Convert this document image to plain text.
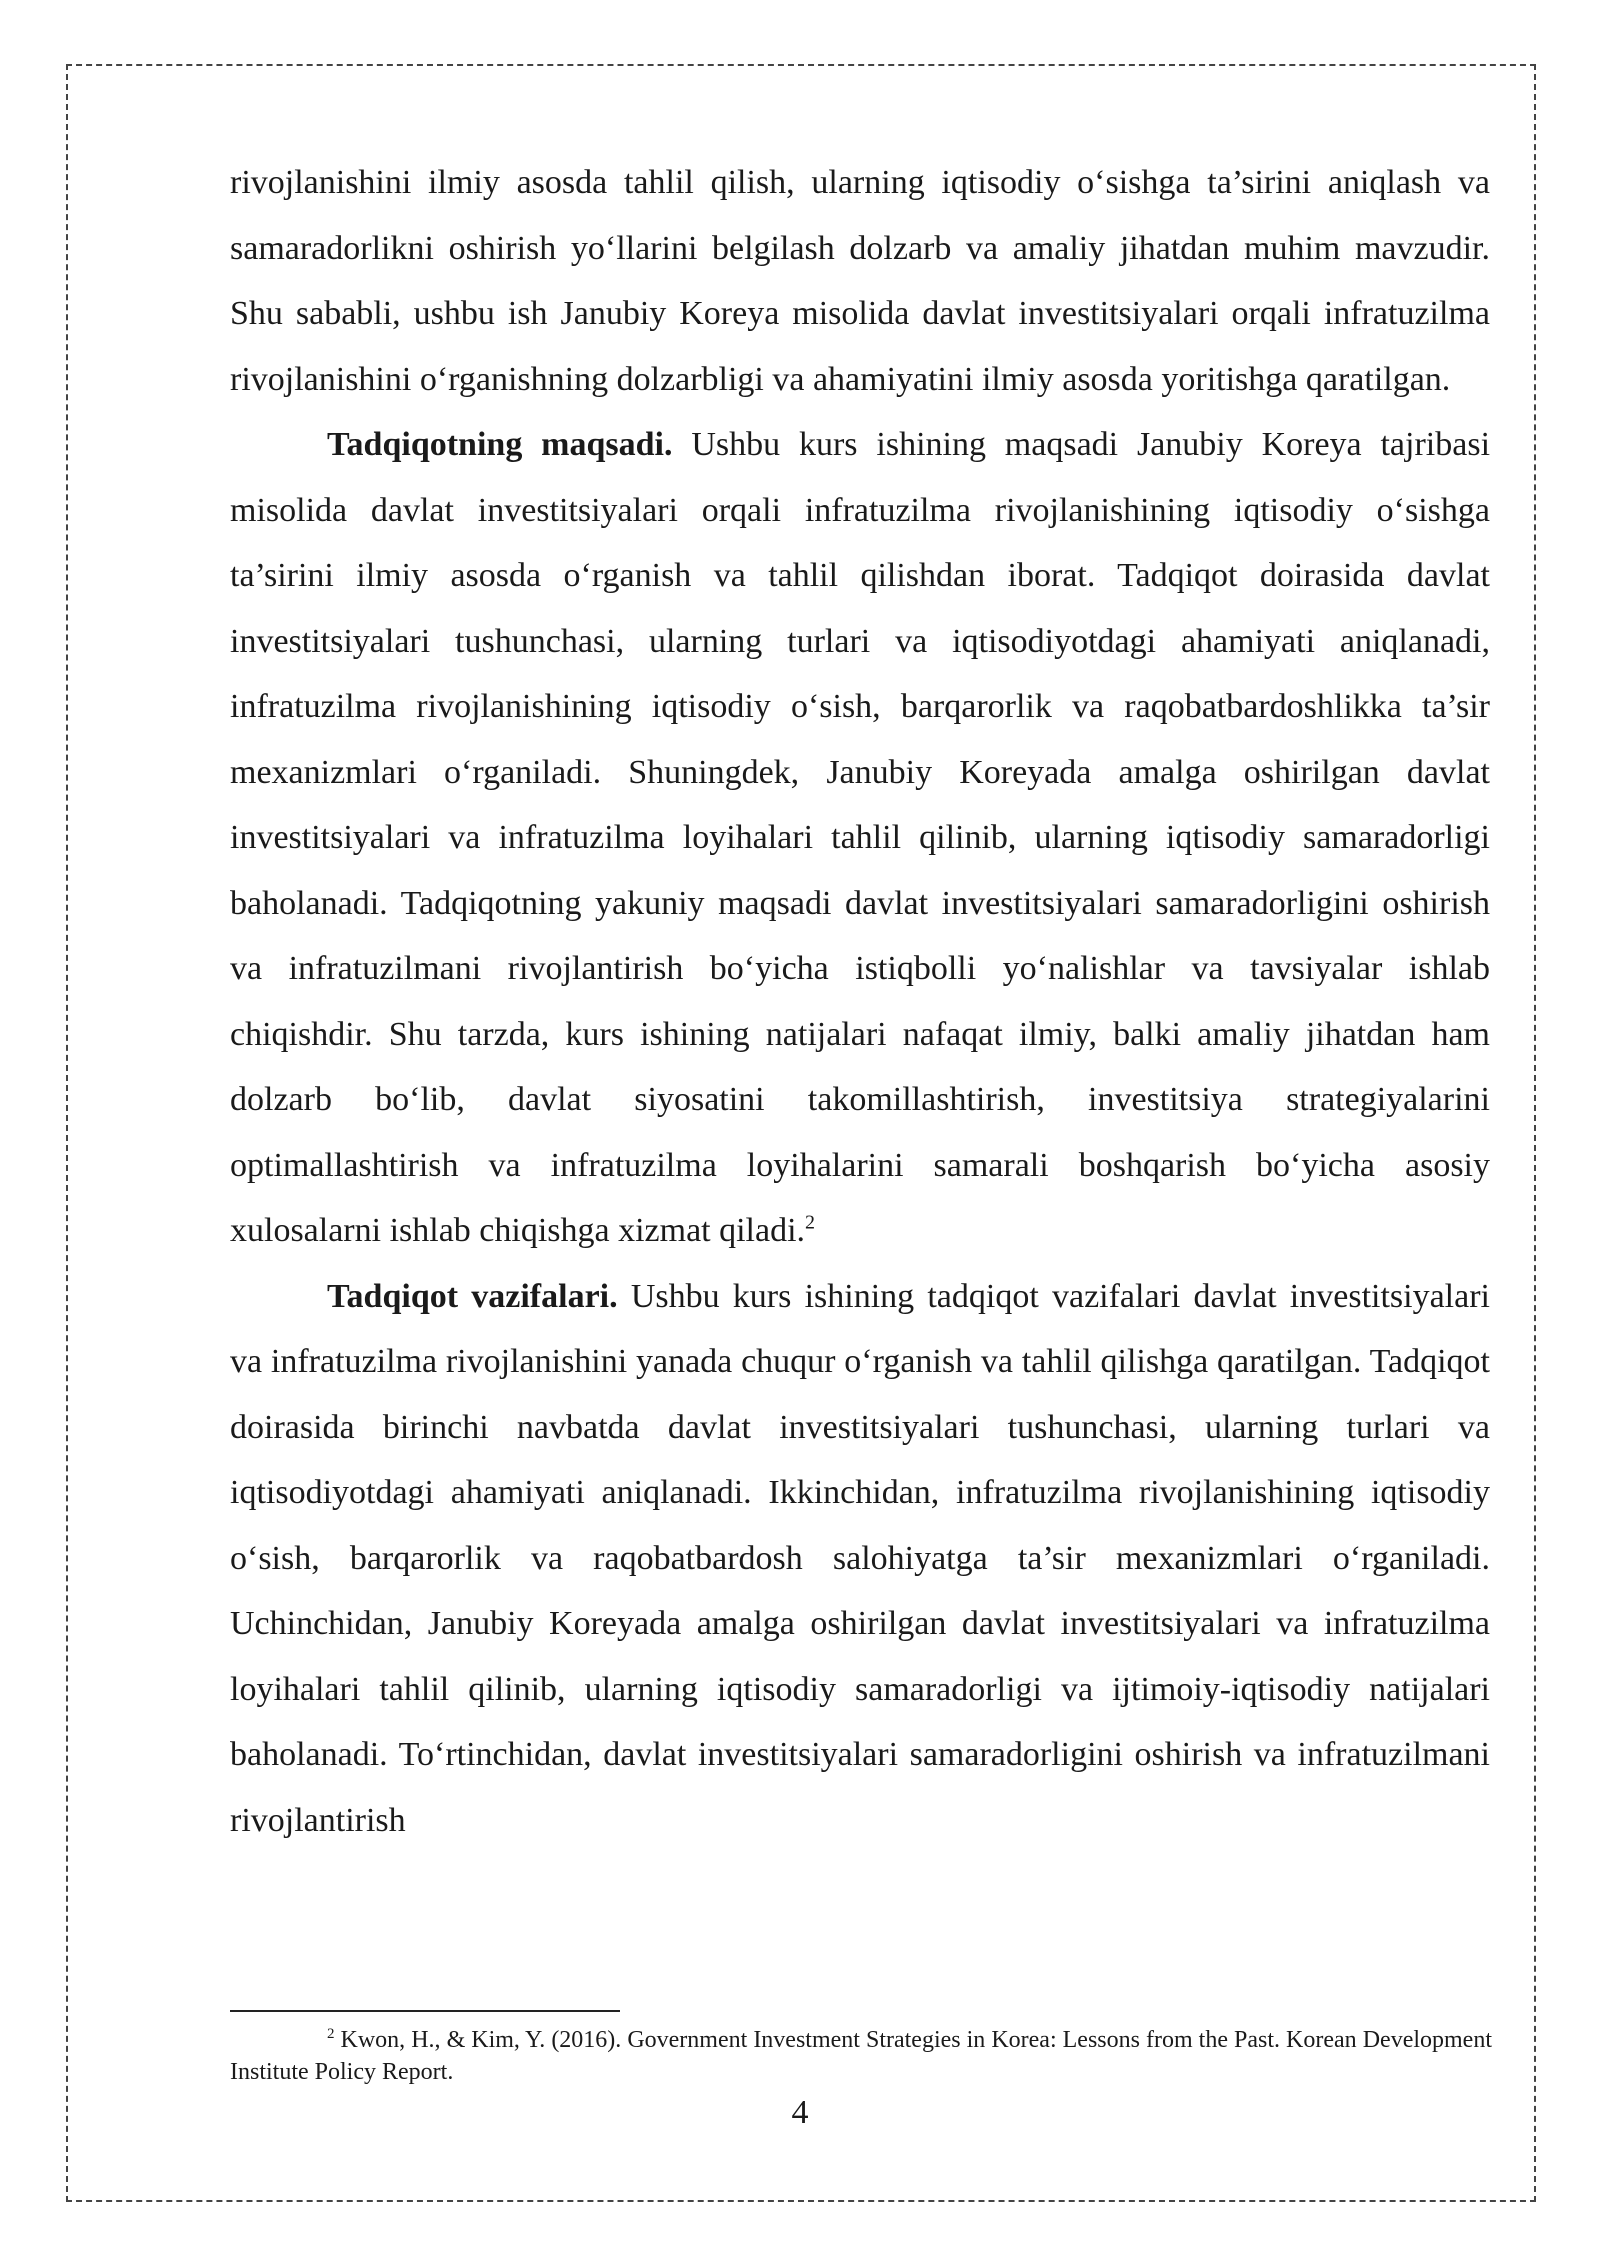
rivojlanishini ilmiy asosda tahlil qilish, ularning iqtisodiy o‘sishga ta’sirini aniqlash va samaradorlikni oshirish yo‘llarini belgilash dolzarb va amaliy jihatdan muhim mavzudir. Shu sababli, ushbu ish Janubiy Koreya misolida davlat investitsiyalari orqali infratuzilma rivojlanishini o‘rganishning dolzarbligi va ahamiyatini ilmiy asosda yoritishga qaratilgan.

Tadqiqotning maqsadi. Ushbu kurs ishining maqsadi Janubiy Koreya tajribasi misolida davlat investitsiyalari orqali infratuzilma rivojlanishining iqtisodiy o‘sishga ta’sirini ilmiy asosda o‘rganish va tahlil qilishdan iborat. Tadqiqot doirasida davlat investitsiyalari tushunchasi, ularning turlari va iqtisodiyotdagi ahamiyati aniqlanadi, infratuzilma rivojlanishining iqtisodiy o‘sish, barqarorlik va raqobatbardoshlikka ta’sir mexanizmlari o‘rganiladi. Shuningdek, Janubiy Koreyada amalga oshirilgan davlat investitsiyalari va infratuzilma loyihalari tahlil qilinib, ularning iqtisodiy samaradorligi baholanadi. Tadqiqotning yakuniy maqsadi davlat investitsiyalari samaradorligini oshirish va infratuzilmani rivojlantirish bo‘yicha istiqbolli yo‘nalishlar va tavsiyalar ishlab chiqishdir. Shu tarzda, kurs ishining natijalari nafaqat ilmiy, balki amaliy jihatdan ham dolzarb bo‘lib, davlat siyosatini takomillashtirish, investitsiya strategiyalarini optimallashtirish va infratuzilma loyihalarini samarali boshqarish bo‘yicha asosiy xulosalarni ishlab chiqishga xizmat qiladi.$^2$

Tadqiqot vazifalari. Ushbu kurs ishining tadqiqot vazifalari davlat investitsiyalari va infratuzilma rivojlanishini yanada chuqur o‘rganish va tahlil qilishga qaratilgan. Tadqiqot doirasida birinchi navbatda davlat investitsiyalari tushunchasi, ularning turlari va iqtisodiyotdagi ahamiyati aniqlanadi. Ikkinchidan, infratuzilma rivojlanishining iqtisodiy o‘sish, barqarorlik va raqobatbardosh salohiyatga ta’sir mexanizmlari o‘rganiladi. Uchinchidan, Janubiy Koreyada amalga oshirilgan davlat investitsiyalari va infratuzilma loyihalari tahlil qilinib, ularning iqtisodiy samaradorligi va ijtimoiy-iqtisodiy natijalari baholanadi. To‘rtinchidan, davlat investitsiyalari samaradorligini oshirish va infratuzilmani rivojlantirish

$^2$ Kwon, H., & Kim, Y. (2016). Government Investment Strategies in Korea: Lessons from the Past. Korean Development Institute Policy Report.
4
